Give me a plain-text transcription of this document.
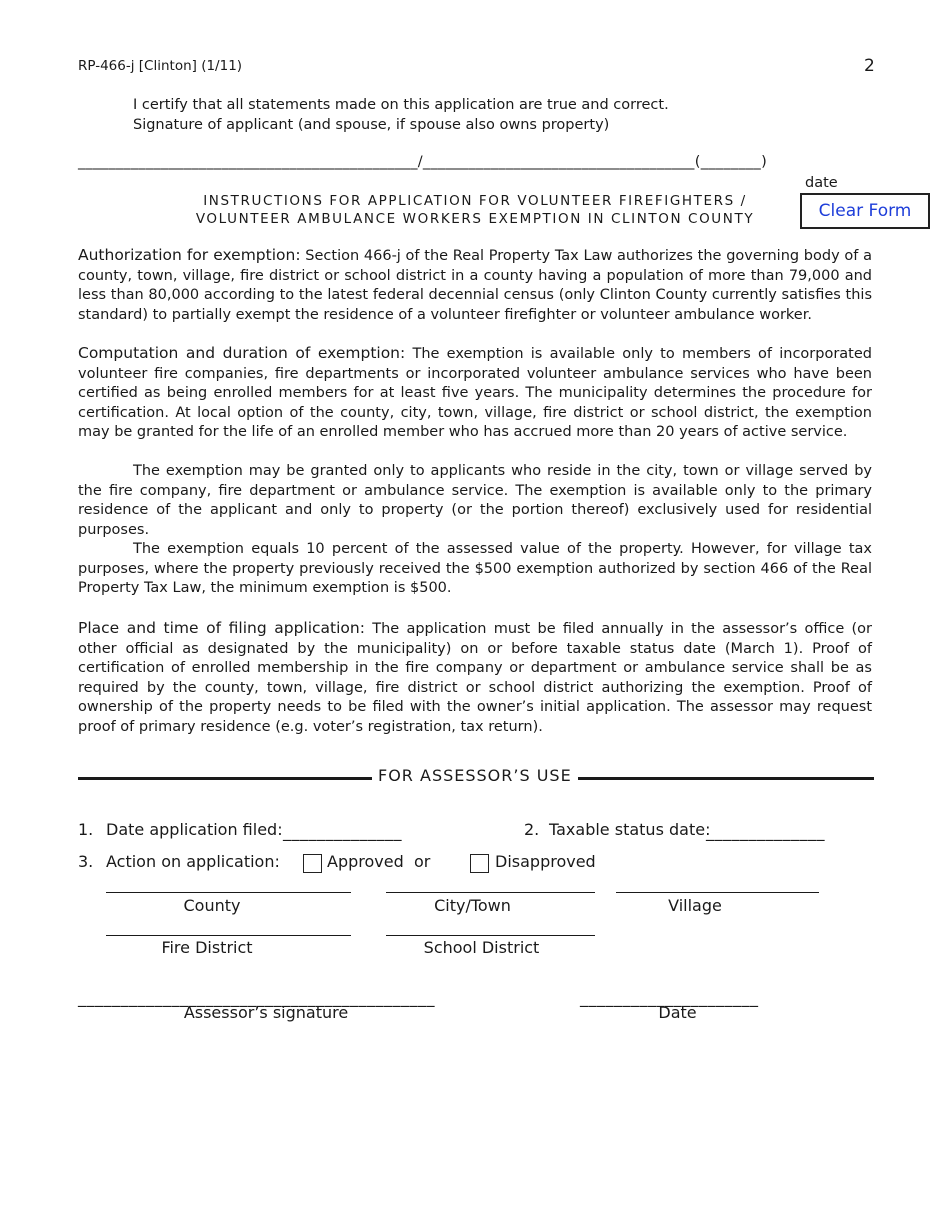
RP-466-j [Clinton] (1/11)	2
I certify that all statements made on this application are true and correct.
Signature of applicant (and spouse, if spouse also owns property)
_____________________________________________/____________________________________(________)
date
Clear Form
INSTRUCTIONS FOR APPLICATION FOR VOLUNTEER FIREFIGHTERS /
VOLUNTEER AMBULANCE WORKERS EXEMPTION IN CLINTON COUNTY
Authorization for exemption: Section 466-j of the Real Property Tax Law authorizes the governing body of a county, town, village, fire district or school district in a county having a population of more than 79,000 and less than 80,000 according to the latest federal decennial census (only Clinton County currently satisfies this standard) to partially exempt the residence of a volunteer firefighter or volunteer ambulance worker.
Computation and duration of exemption: The exemption is available only to members of incorporated volunteer fire companies, fire departments or incorporated volunteer ambulance services who have been certified as being enrolled members for at least five years. The municipality determines the procedure for certification. At local option of the county, city, town, village, fire district or school district, the exemption may be granted for the life of an enrolled member who has accrued more than 20 years of active service.
The exemption may be granted only to applicants who reside in the city, town or village served by the fire company, fire department or ambulance service. The exemption is available only to the primary residence of the applicant and only to property (or the portion thereof) exclusively used for residential purposes.
The exemption equals 10 percent of the assessed value of the property. However, for village tax purposes, where the property previously received the $500 exemption authorized by section 466 of the Real Property Tax Law, the minimum exemption is $500.
Place and time of filing application: The application must be filed annually in the assessor’s office (or other official as designated by the municipality) on or before taxable status date (March 1). Proof of certification of enrolled membership in the fire company or department or ambulance service shall be as required by the county, town, village, fire district or school district authorizing the exemption. Proof of ownership of the property needs to be filed with the owner’s initial application. The assessor may request proof of primary residence (e.g. voter’s registration, tax return).
FOR ASSESSOR’S USE
1. Date application filed: ______________	2. Taxable status date:
______________
3. Action on application:	Approved or	Disapproved
County	City/Town	Village
Fire District	School District
__________________________________________	_____________________
Assessor’s signature	Date
